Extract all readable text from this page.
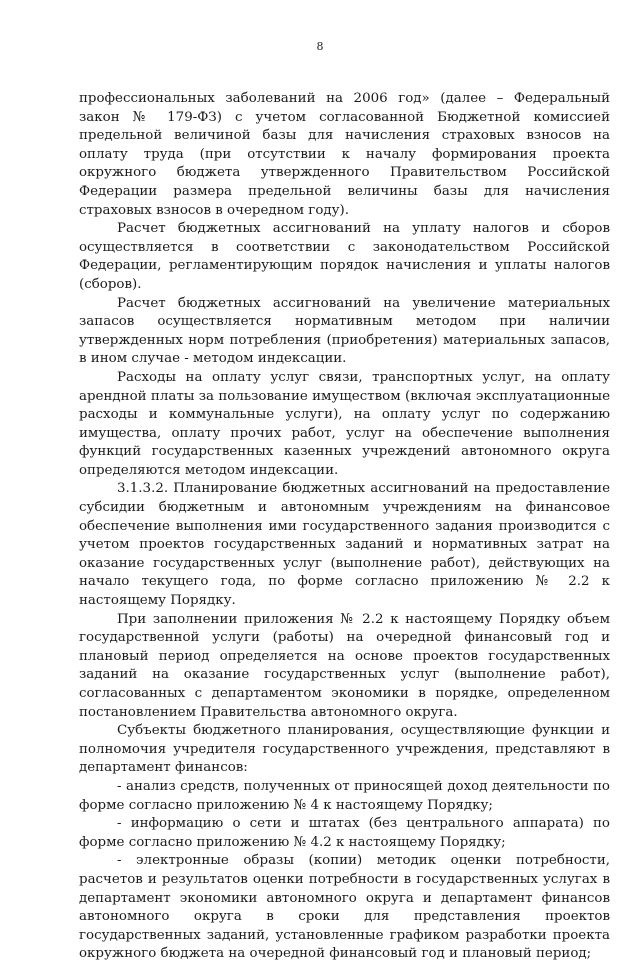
8

профессиональных заболеваний на 2006 год» (далее – Федеральный закон № 179-ФЗ) с учетом согласованной Бюджетной комиссией предельной величиной базы для начисления страховых взносов на оплату труда (при отсутствии к началу формирования проекта окружного бюджета утвержденного Правительством Российской Федерации размера предельной величины базы для начисления страховых взносов в очередном году).

Расчет бюджетных ассигнований на уплату налогов и сборов осуществляется в соответствии с законодательством Российской Федерации, регламентирующим порядок начисления и уплаты налогов (сборов).

Расчет бюджетных ассигнований на увеличение материальных запасов осуществляется нормативным методом при наличии утвержденных норм потребления (приобретения) материальных запасов, в ином случае - методом индексации.

Расходы на оплату услуг связи, транспортных услуг, на оплату арендной платы за пользование имуществом (включая эксплуатационные расходы и коммунальные услуги), на оплату услуг по содержанию имущества, оплату прочих работ, услуг на обеспечение выполнения функций государственных казенных учреждений автономного округа определяются методом индексации.

3.1.3.2. Планирование бюджетных ассигнований на предоставление субсидии бюджетным и автономным учреждениям на финансовое обеспечение выполнения ими государственного задания производится с учетом проектов государственных заданий и нормативных затрат на оказание государственных услуг (выполнение работ), действующих на начало текущего года, по форме согласно приложению № 2.2 к настоящему Порядку.

При заполнении приложения № 2.2 к настоящему Порядку объем государственной услуги (работы) на очередной финансовый год и плановый период определяется на основе проектов государственных заданий на оказание государственных услуг (выполнение работ), согласованных с департаментом экономики в порядке, определенном постановлением Правительства автономного округа.

Субъекты бюджетного планирования, осуществляющие функции и полномочия учредителя государственного учреждения, представляют в департамент финансов:

- анализ средств, полученных от приносящей доход деятельности по форме согласно приложению № 4 к настоящему Порядку;

- информацию о сети и штатах (без центрального аппарата) по форме согласно приложению № 4.2 к настоящему Порядку;

- электронные образы (копии) методик оценки потребности, расчетов и результатов оценки потребности в государственных услугах в департамент экономики автономного округа и департамент финансов автономного округа в сроки для представления проектов государственных заданий, установленные графиком разработки проекта окружного бюджета на очередной финансовый год и плановый период;
